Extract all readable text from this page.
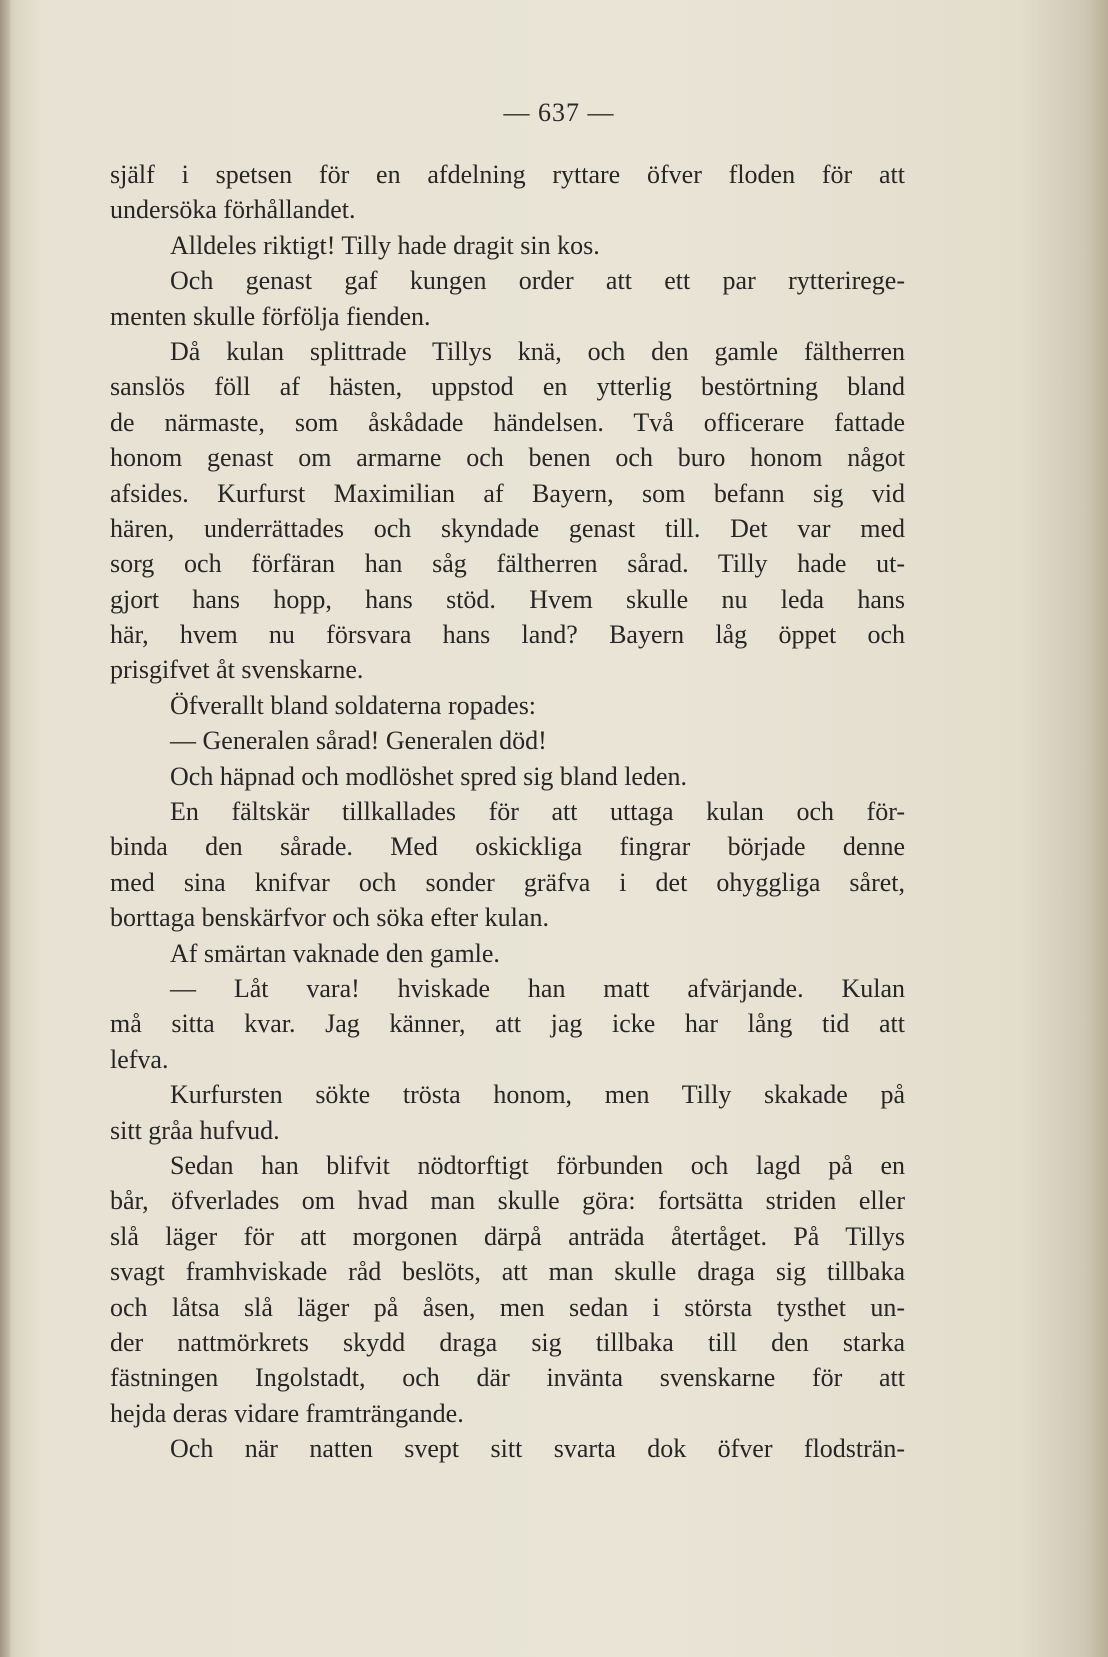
— 637 —
själf i spetsen för en afdelning ryttare öfver floden för att
undersöka förhållandet.
Alldeles riktigt! Tilly hade dragit sin kos.
Och genast gaf kungen order att ett par rytteriregе-
menten skulle förfölja fienden.
Då kulan splittrade Tillys knä, och den gamle fältherren
sanslös föll af hästen, uppstod en ytterlig bestörtning bland
de närmaste, som åskådade händelsen. Två officerare fattade
honom genast om armarne och benen och buro honom något
afsides. Kurfurst Maximilian af Bayern, som befann sig vid
hären, underrättades och skyndade genast till. Det var med
sorg och förfäran han såg fältherren sårad. Tilly hade ut-
gjort hans hopp, hans stöd. Hvem skulle nu leda hans
här, hvem nu försvara hans land? Bayern låg öppet och
prisgifvet åt svenskarne.
Öfverallt bland soldaterna ropades:
— Generalen sårad! Generalen död!
Och häpnad och modlöshet spred sig bland leden.
En fältskär tillkallades för att uttaga kulan och för-
binda den sårade. Med oskickliga fingrar började denne
med sina knifvar och sonder gräfva i det ohyggliga såret,
borttaga benskärfvor och söka efter kulan.
Af smärtan vaknade den gamle.
— Låt vara! hviskade han matt afvärjande. Kulan
må sitta kvar. Jag känner, att jag icke har lång tid att
lefva.
Kurfursten sökte trösta honom, men Tilly skakade på
sitt gråa hufvud.
Sedan han blifvit nödtorftigt förbunden och lagd på en
bår, öfverlades om hvad man skulle göra: fortsätta striden eller
slå läger för att morgonen därpå anträda återtåget. På Tillys
svagt framhviskade råd beslöts, att man skulle draga sig tillbaka
och låtsa slå läger på åsen, men sedan i största tysthet un-
der nattmörkrets skydd draga sig tillbaka till den starka
fästningen Ingolstadt, och där invänta svenskarne för att
hejda deras vidare framträngande.
Och när natten svept sitt svarta dok öfver flodsträn-
